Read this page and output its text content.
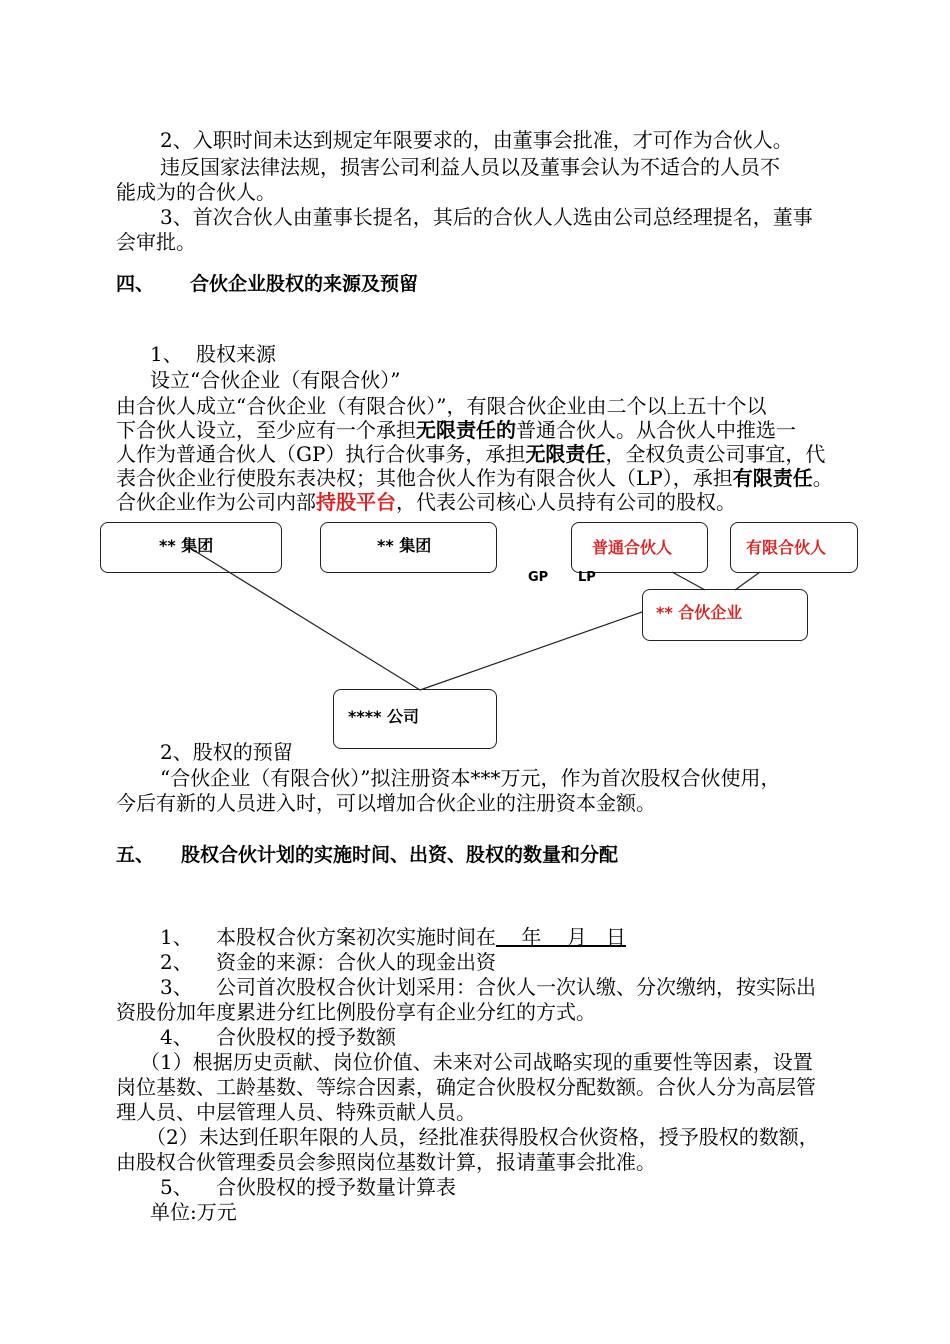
2、入职时间未达到规定年限要求的，由董事会批准，才可作为合伙人。
违反国家法律法规，损害公司利益人员以及董事会认为不适合的人员不
能成为的合伙人。
3、首次合伙人由董事长提名，其后的合伙人人选由公司总经理提名，董事
会审批。
四、 合伙企业股权的来源及预留
1、 股权来源
设立“合伙企业（有限合伙）”
由合伙人成立“合伙企业（有限合伙）”，有限合伙企业由二个以上五十个以
下合伙人设立，至少应有一个承担无限责任的普通合伙人。从合伙人中推选一
人作为普通合伙人（GP）执行合伙事务，承担无限责任，全权负责公司事宜，代
表合伙企业行使股东表决权；其他合伙人作为有限合伙人（LP），承担有限责任。
合伙企业作为公司内部持股平台，代表公司核心人员持有公司的股权。
** 集团	** 集团	普通合伙人	有限合伙人
** 合伙企业
**** 公司
GP LP
2、股权的预留
“合伙企业（有限合伙）”拟注册资本***万元，作为首次股权合伙使用，
今后有新的人员进入时，可以增加合伙企业的注册资本金额。
五、 股权合伙计划的实施时间、出资、股权的数量和分配
1、 本股权合伙方案初次实施时间在    年    月   日
2、 资金的来源：合伙人的现金出资
3、 公司首次股权合伙计划采用：合伙人一次认缴、分次缴纳，按实际出
资股份加年度累进分红比例股份享有企业分红的方式。
4、 合伙股权的授予数额
（1）根据历史贡献、岗位价值、未来对公司战略实现的重要性等因素，设置
岗位基数、工龄基数、等综合因素，确定合伙股权分配数额。合伙人分为高层管
理人员、中层管理人员、特殊贡献人员。
（2）未达到任职年限的人员，经批准获得股权合伙资格，授予股权的数额，
由股权合伙管理委员会参照岗位基数计算，报请董事会批准。
5、 合伙股权的授予数量计算表
单位:万元
